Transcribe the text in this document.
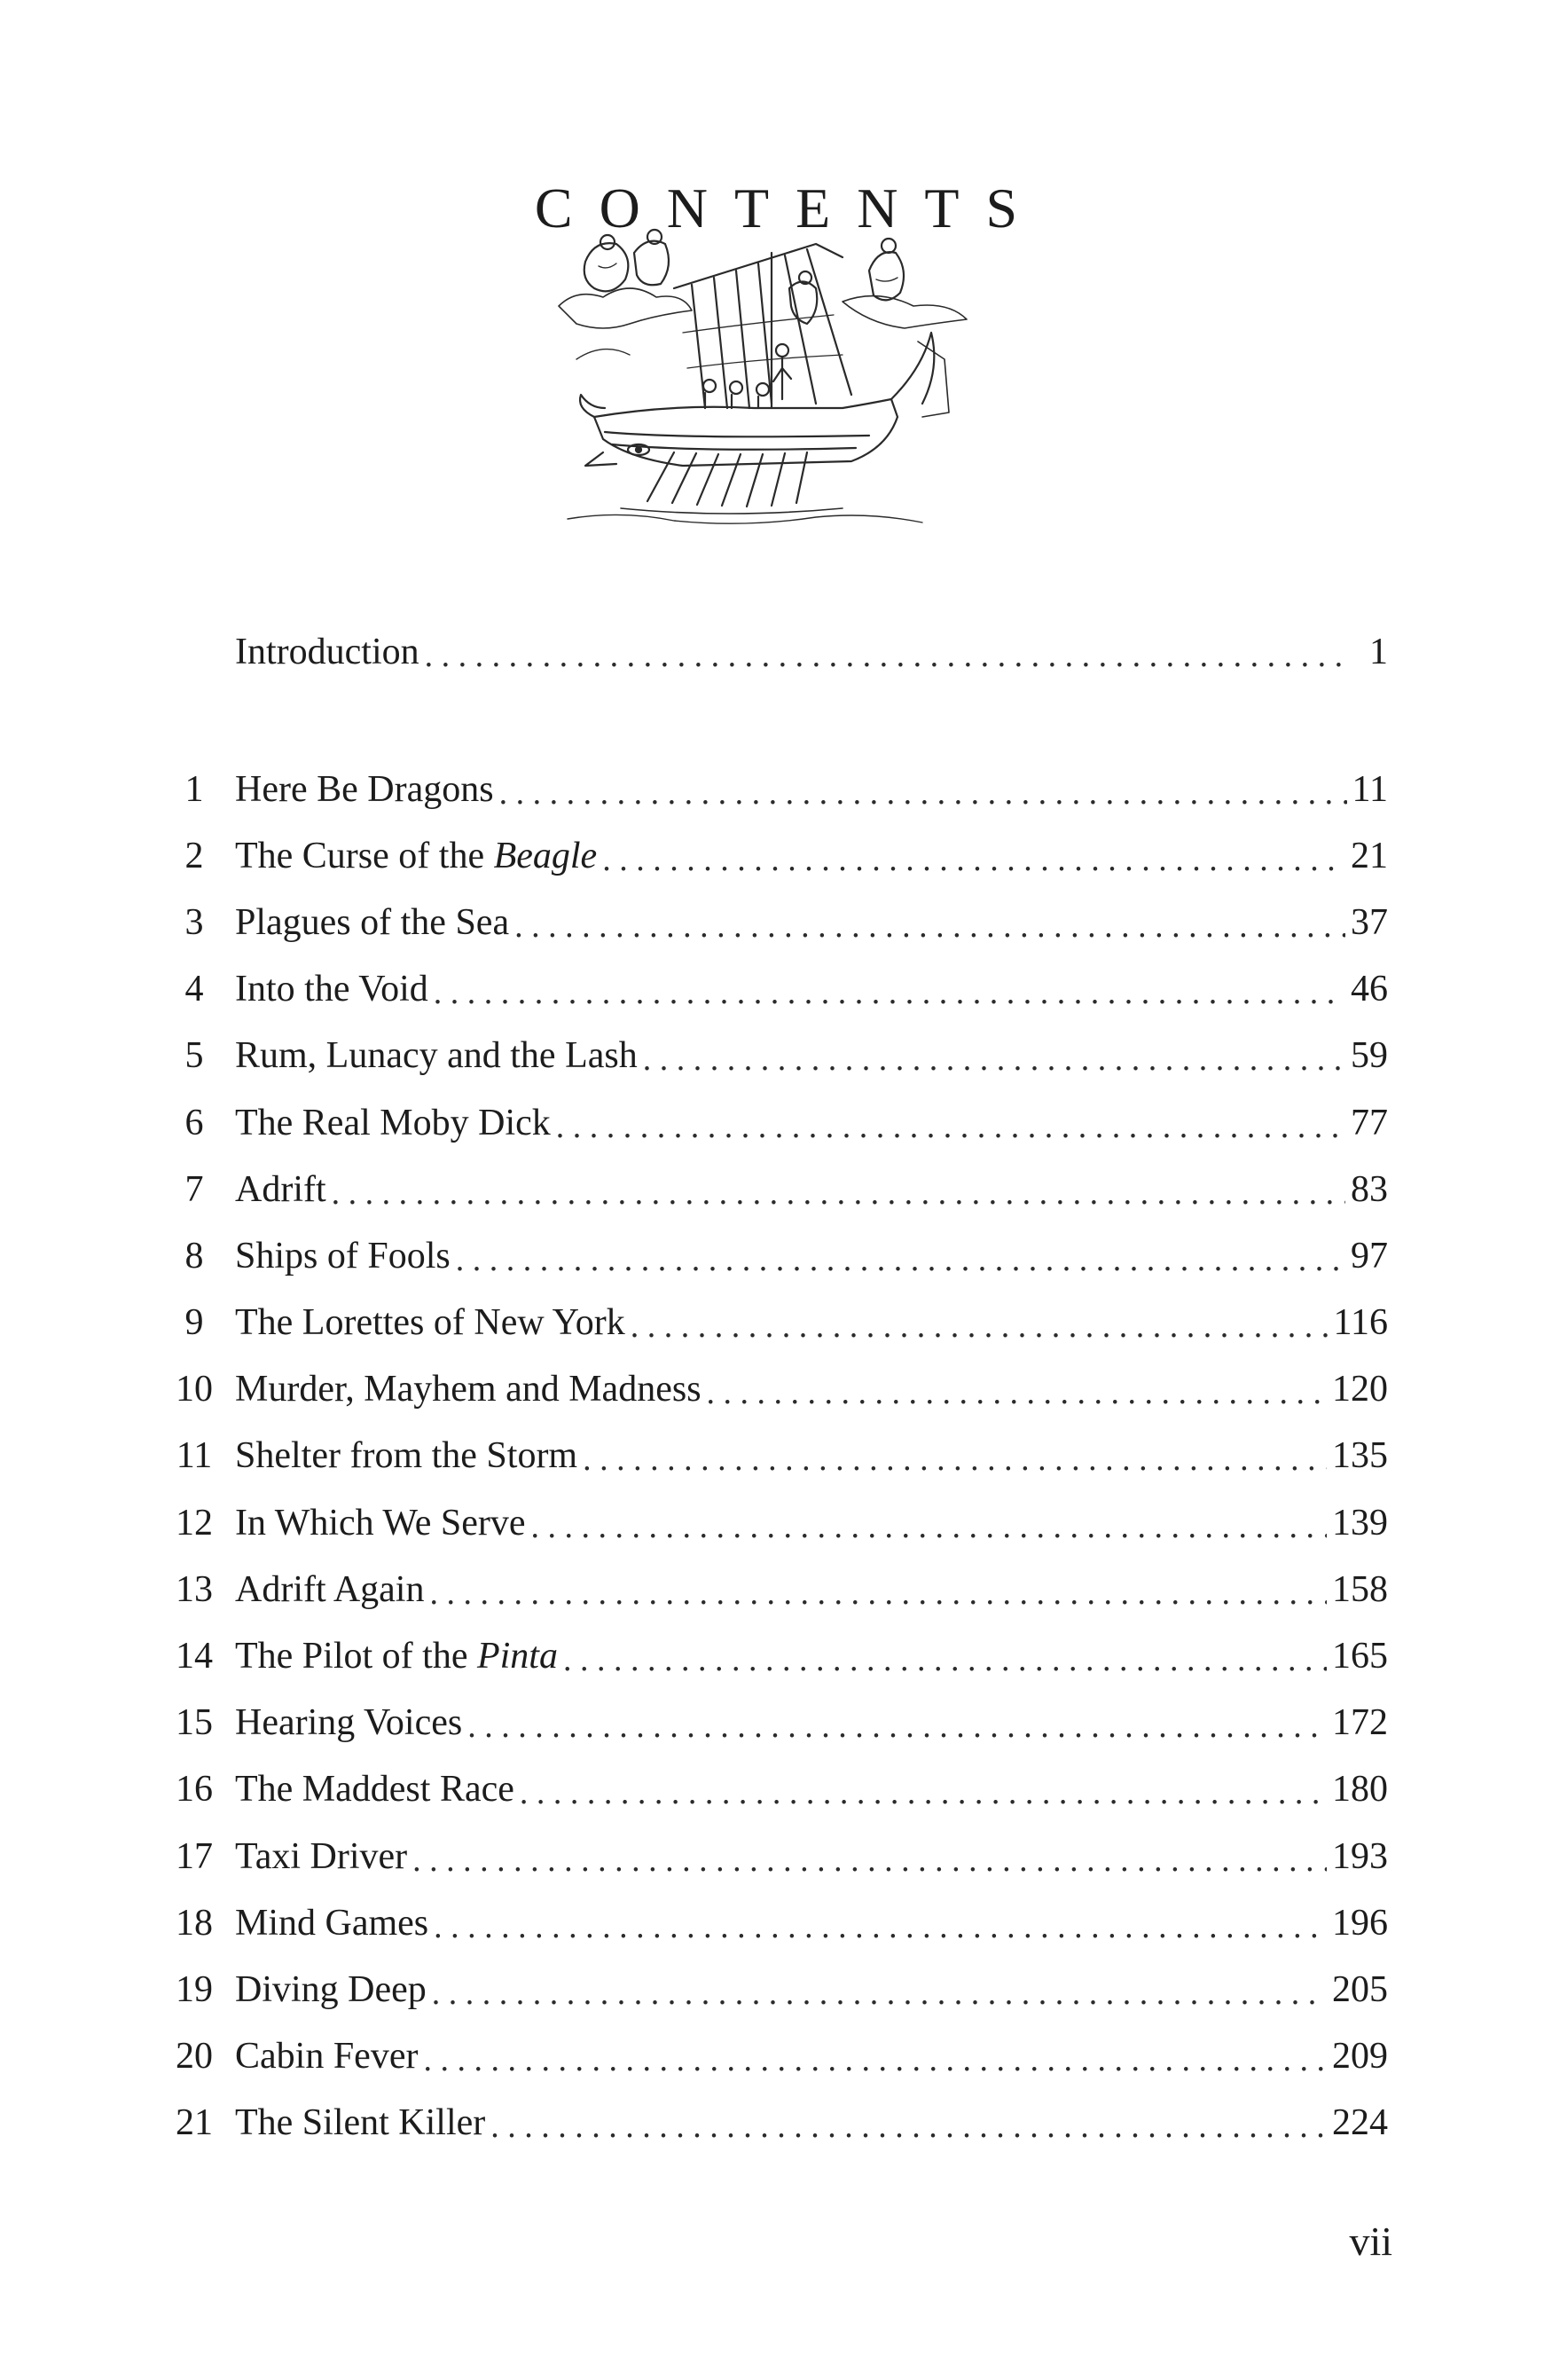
CONTENTS
Introduction . . .	1
1 Here Be Dragons . . .	11
2 The Curse of the Beagle . . .	21
3 Plagues of the Sea . . .	37
4 Into the Void . . .	46
5 Rum, Lunacy and the Lash . . .	59
6 The Real Moby Dick . . .	77
7 Adrift . . .	83
8 Ships of Fools . . .	97
9 The Lorettes of New York . . .	116
10 Murder, Mayhem and Madness . . .	120
11 Shelter from the Storm . . .	135
12 In Which We Serve . . .	139
13 Adrift Again . . .	158
14 The Pilot of the Pinta . . .	165
15 Hearing Voices . . .	172
16 The Maddest Race . . .	180
17 Taxi Driver . . .	193
18 Mind Games . . .	196
19 Diving Deep . . .	205
20 Cabin Fever . . .	209
21 The Silent Killer . . .	224
vii
